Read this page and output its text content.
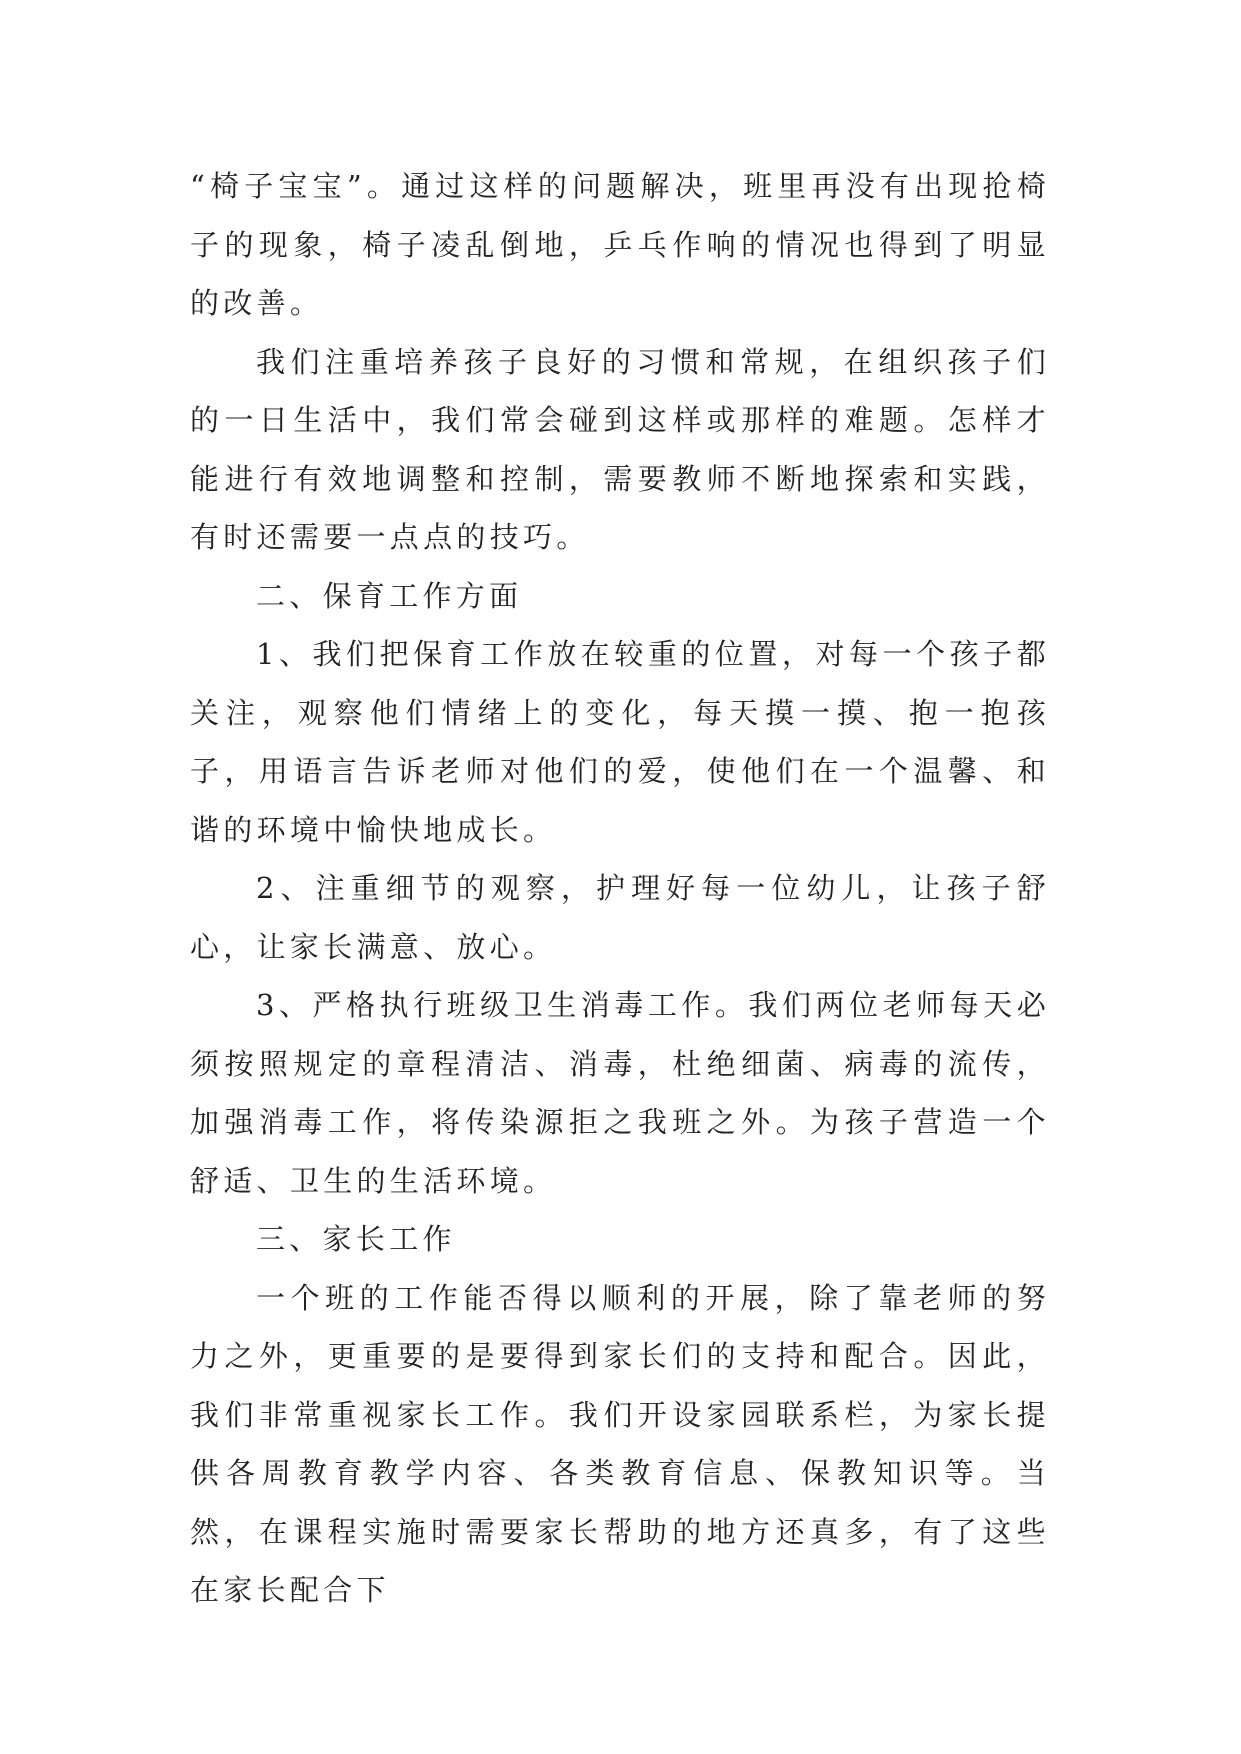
“椅子宝宝”。通过这样的问题解决，班里再没有出现抢椅子的现象，椅子凌乱倒地，乒乓作响的情况也得到了明显的改善。

我们注重培养孩子良好的习惯和常规，在组织孩子们的一日生活中，我们常会碰到这样或那样的难题。怎样才能进行有效地调整和控制，需要教师不断地探索和实践，有时还需要一点点的技巧。

二、保育工作方面

1、我们把保育工作放在较重的位置，对每一个孩子都关注，观察他们情绪上的变化，每天摸一摸、抱一抱孩子，用语言告诉老师对他们的爱，使他们在一个温馨、和谐的环境中愉快地成长。

2、注重细节的观察，护理好每一位幼儿，让孩子舒心，让家长满意、放心。

3、严格执行班级卫生消毒工作。我们两位老师每天必须按照规定的章程清洁、消毒，杜绝细菌、病毒的流传，加强消毒工作，将传染源拒之我班之外。为孩子营造一个舒适、卫生的生活环境。

三、家长工作

一个班的工作能否得以顺利的开展，除了靠老师的努力之外，更重要的是要得到家长们的支持和配合。因此，我们非常重视家长工作。我们开设家园联系栏，为家长提供各周教育教学内容、各类教育信息、保教知识等。当然，在课程实施时需要家长帮助的地方还真多，有了这些在家长配合下
